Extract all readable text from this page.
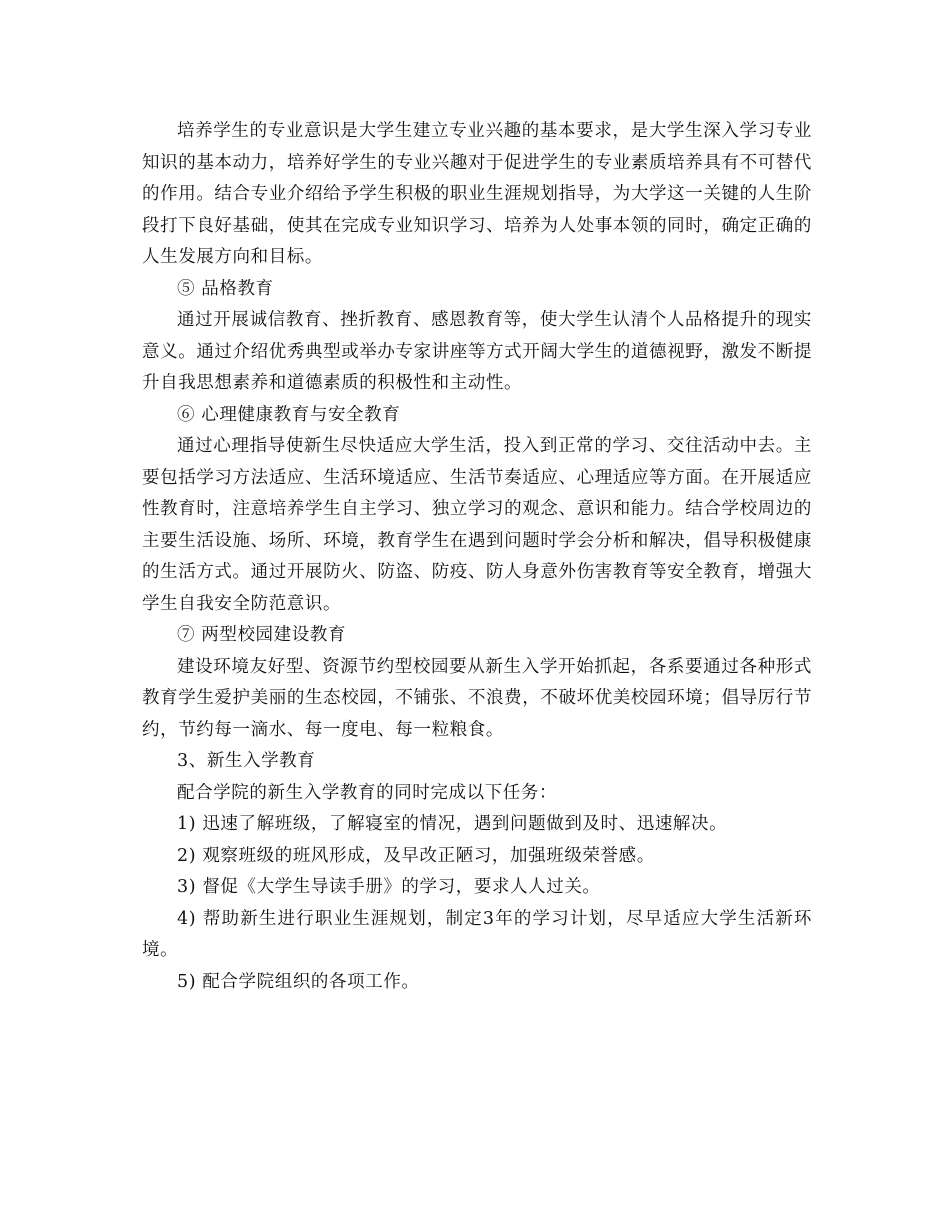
培养学生的专业意识是大学生建立专业兴趣的基本要求，是大学生深入学习专业知识的基本动力，培养好学生的专业兴趣对于促进学生的专业素质培养具有不可替代的作用。结合专业介绍给予学生积极的职业生涯规划指导，为大学这一关键的人生阶段打下良好基础，使其在完成专业知识学习、培养为人处事本领的同时，确定正确的人生发展方向和目标。

⑤ 品格教育

通过开展诚信教育、挫折教育、感恩教育等，使大学生认清个人品格提升的现实意义。通过介绍优秀典型或举办专家讲座等方式开阔大学生的道德视野，激发不断提升自我思想素养和道德素质的积极性和主动性。

⑥ 心理健康教育与安全教育

通过心理指导使新生尽快适应大学生活，投入到正常的学习、交往活动中去。主要包括学习方法适应、生活环境适应、生活节奏适应、心理适应等方面。在开展适应性教育时，注意培养学生自主学习、独立学习的观念、意识和能力。结合学校周边的主要生活设施、场所、环境，教育学生在遇到问题时学会分析和解决，倡导积极健康的生活方式。通过开展防火、防盗、防疫、防人身意外伤害教育等安全教育，增强大学生自我安全防范意识。

⑦ 两型校园建设教育

建设环境友好型、资源节约型校园要从新生入学开始抓起，各系要通过各种形式教育学生爱护美丽的生态校园，不铺张、不浪费，不破坏优美校园环境；倡导厉行节约，节约每一滴水、每一度电、每一粒粮食。

3、新生入学教育

配合学院的新生入学教育的同时完成以下任务：

1) 迅速了解班级，了解寝室的情况，遇到问题做到及时、迅速解决。

2) 观察班级的班风形成，及早改正陋习，加强班级荣誉感。

3) 督促《大学生导读手册》的学习，要求人人过关。

4) 帮助新生进行职业生涯规划，制定3年的学习计划，尽早适应大学生活新环境。

5) 配合学院组织的各项工作。
